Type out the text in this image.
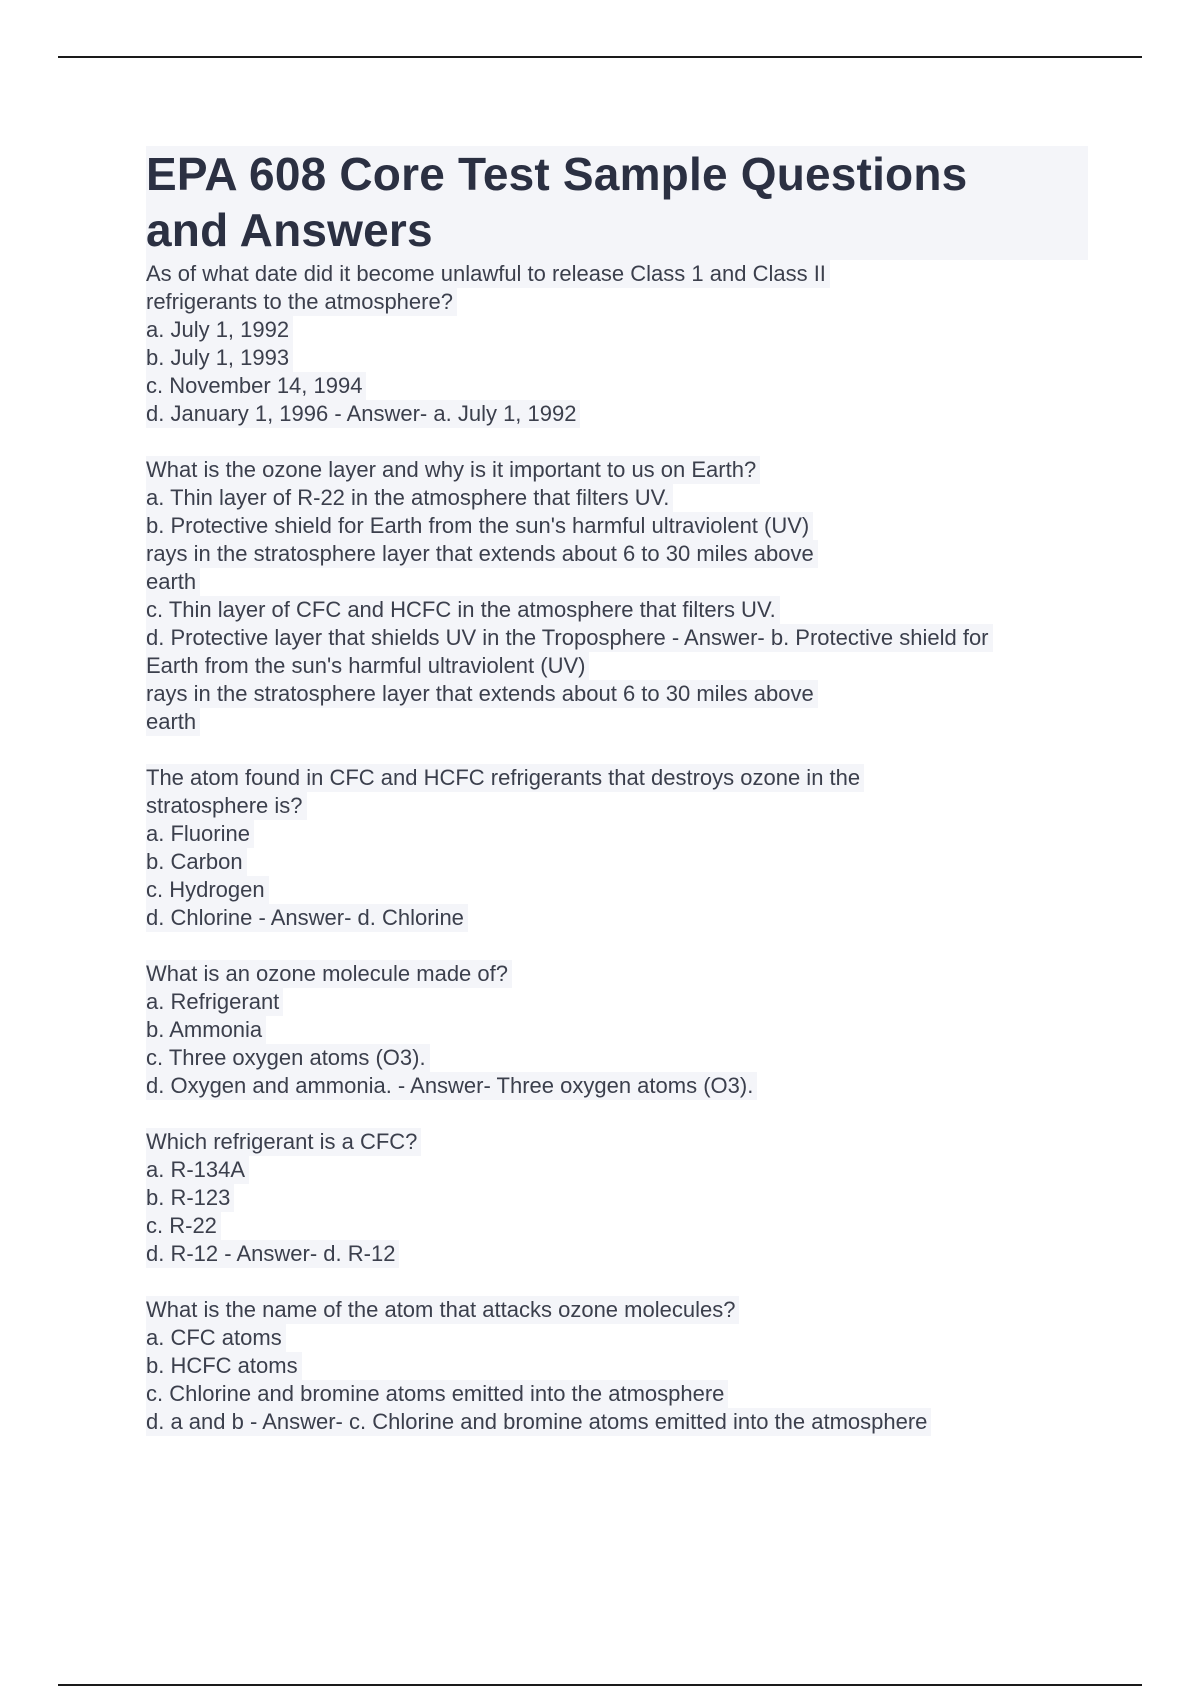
EPA 608 Core Test Sample Questions
and Answers
As of what date did it become unlawful to release Class 1 and Class II
refrigerants to the atmosphere?
a. July 1, 1992
b. July 1, 1993
c. November 14, 1994
d. January 1, 1996 - Answer- a. July 1, 1992
What is the ozone layer and why is it important to us on Earth?
a. Thin layer of R-22 in the atmosphere that filters UV.
b. Protective shield for Earth from the sun's harmful ultraviolent (UV)
rays in the stratosphere layer that extends about 6 to 30 miles above
earth
c. Thin layer of CFC and HCFC in the atmosphere that filters UV.
d. Protective layer that shields UV in the Troposphere - Answer- b. Protective shield for
Earth from the sun's harmful ultraviolent (UV)
rays in the stratosphere layer that extends about 6 to 30 miles above
earth
The atom found in CFC and HCFC refrigerants that destroys ozone in the
stratosphere is?
a. Fluorine
b. Carbon
c. Hydrogen
d. Chlorine - Answer- d. Chlorine
What is an ozone molecule made of?
a. Refrigerant
b. Ammonia
c. Three oxygen atoms (O3).
d. Oxygen and ammonia. - Answer- Three oxygen atoms (O3).
Which refrigerant is a CFC?
a. R-134A
b. R-123
c. R-22
d. R-12 - Answer- d. R-12
What is the name of the atom that attacks ozone molecules?
a. CFC atoms
b. HCFC atoms
c. Chlorine and bromine atoms emitted into the atmosphere
d. a and b - Answer- c. Chlorine and bromine atoms emitted into the atmosphere
